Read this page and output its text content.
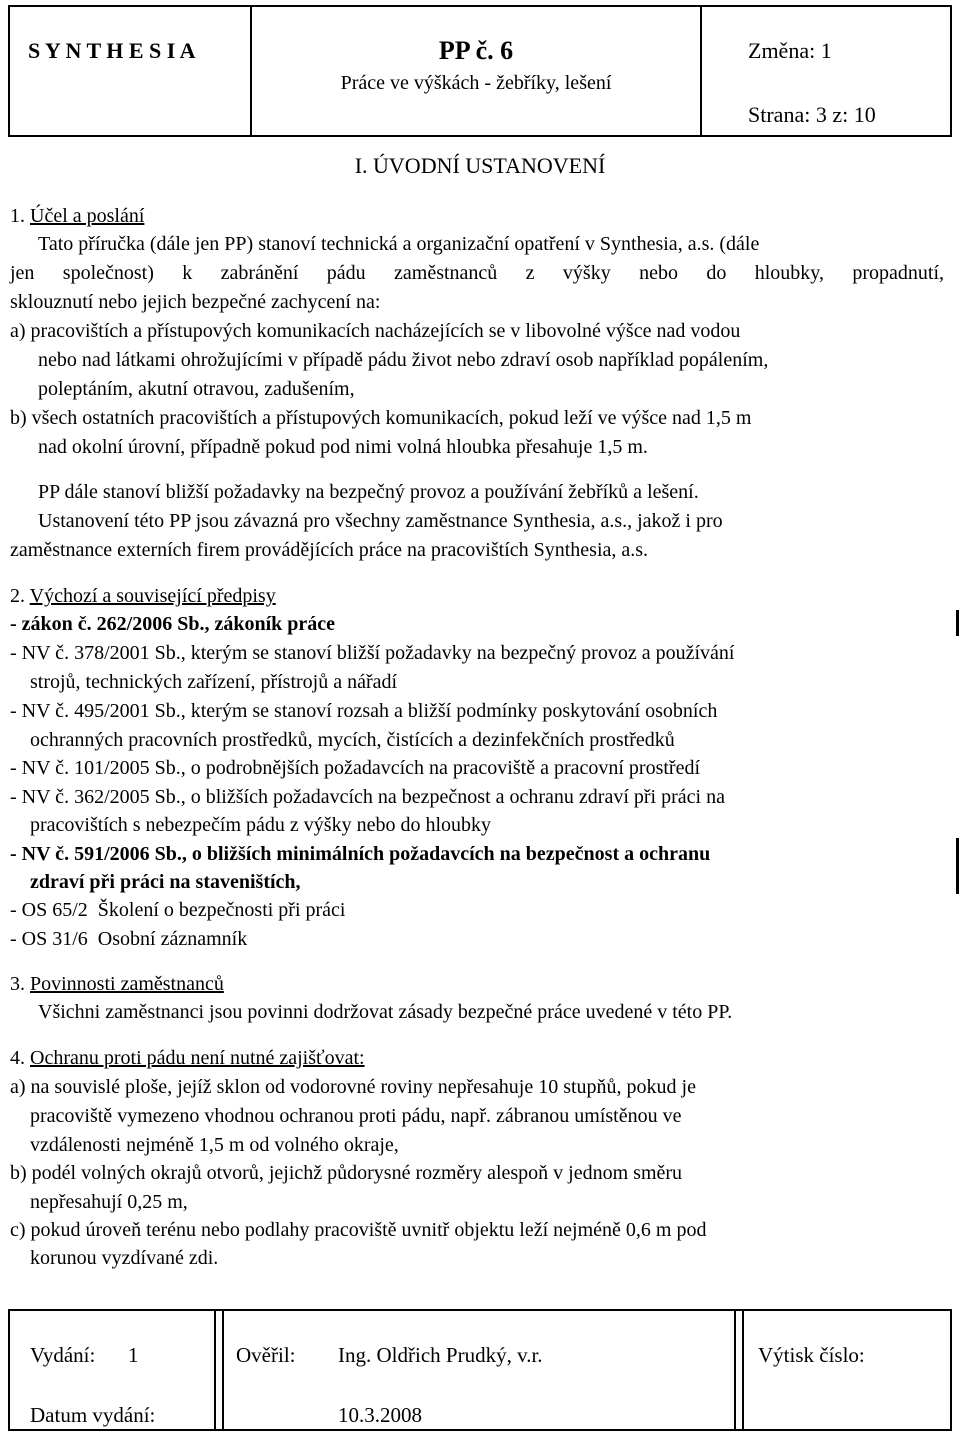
S Y N T H E S I A	PP č. 6
Práce ve výškách - žebříky, lešení
Změna: 1
Strana: 3 z: 10
I. ÚVODNÍ USTANOVENÍ
1. Účel a poslání
Tato příručka (dále jen PP) stanoví technická a organizační opatření v Synthesia, a.s. (dále
jen společnost) k zabránění pádu zaměstnanců z výšky nebo do hloubky, propadnutí,
sklouznutí nebo jejich bezpečné zachycení na:
a) pracovištích a přístupových komunikacích nacházejících se v libovolné výšce nad vodou
nebo nad látkami ohrožujícími v případě pádu život nebo zdraví osob například popálením,
poleptáním, akutní otravou, zadušením,
b) všech ostatních pracovištích a přístupových komunikacích, pokud leží ve výšce nad 1,5 m
nad okolní úrovní, případně pokud pod nimi volná hloubka přesahuje 1,5 m.
PP dále stanoví bližší požadavky na bezpečný provoz a používání žebříků a lešení.
Ustanovení této PP jsou závazná pro všechny zaměstnance Synthesia, a.s., jakož i pro
zaměstnance externích firem provádějících práce na pracovištích Synthesia, a.s.
2. Výchozí a související předpisy
- zákon č. 262/2006 Sb., zákoník práce
- NV č. 378/2001 Sb., kterým se stanoví bližší požadavky na bezpečný provoz a používání
strojů, technických zařízení, přístrojů a nářadí
- NV č. 495/2001 Sb., kterým se stanoví rozsah a bližší podmínky poskytování osobních
ochranných pracovních prostředků, mycích, čistících a dezinfekčních prostředků
- NV č. 101/2005 Sb., o podrobnějších požadavcích na pracoviště a pracovní prostředí
- NV č. 362/2005 Sb., o bližších požadavcích na bezpečnost a ochranu zdraví při práci na
pracovištích s nebezpečím pádu z výšky nebo do hloubky
- NV č. 591/2006 Sb., o bližších minimálních požadavcích na bezpečnost a ochranu
zdraví při práci na staveništích,
- OS 65/2  Školení o bezpečnosti při práci
- OS 31/6  Osobní záznamník
3. Povinnosti zaměstnanců
Všichni zaměstnanci jsou povinni dodržovat zásady bezpečné práce uvedené v této PP.
4. Ochranu proti pádu není nutné zajišťovat:
a) na souvislé ploše, jejíž sklon od vodorovné roviny nepřesahuje 10 stupňů, pokud je
pracoviště vymezeno vhodnou ochranou proti pádu, např. zábranou umístěnou ve
vzdálenosti nejméně 1,5 m od volného okraje,
b) podél volných okrajů otvorů, jejichž půdorysné rozměry alespoň v jednom směru
nepřesahují 0,25 m,
c) pokud úroveň terénu nebo podlahy pracoviště uvnitř objektu leží nejméně 0,6 m pod
korunou vyzdívané zdi.
Vydání: 1	Ověřil: Ing. Oldřich Prudký, v.r.	Výtisk číslo:
Datum vydání:	10.3.2008
